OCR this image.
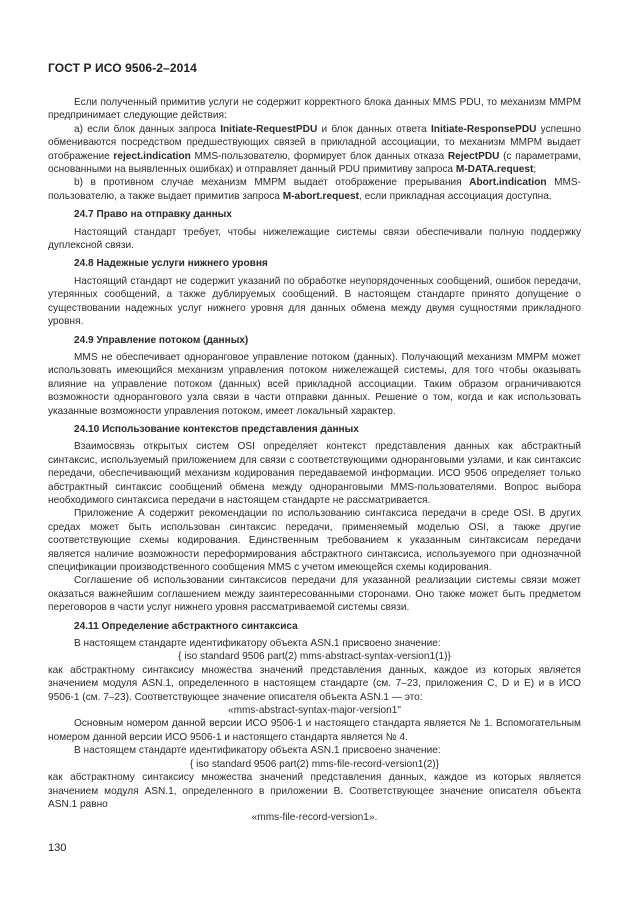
ГОСТ Р ИСО 9506-2–2014

Если полученный примитив услуги не содержит корректного блока данных MMS PDU, то механизм ММРМ предпринимает следующие действия:

а) если блок данных запроса Initiate-RequestPDU и блок данных ответа Initiate-ResponsePDU успешно обмениваются посредством предшествующих связей в прикладной ассоциации, то механизм ММРМ выдает отображение reject.indication MMS-пользователю, формирует блок данных отказа RejectPDU (с параметрами, основанными на выявленных ошибках) и отправляет данный PDU примитиву запроса M-DATA.request;

b) в противном случае механизм ММРМ выдает отображение прерывания Abort.indication MMS-пользователю, а также выдает примитив запроса M-abort.request, если прикладная ассоциация доступна.

24.7 Право на отправку данных

Настоящий стандарт требует, чтобы нижележащие системы связи обеспечивали полную поддержку дуплексной связи.

24.8 Надежные услуги нижнего уровня

Настоящий стандарт не содержит указаний по обработке неупорядоченных сообщений, ошибок передачи, утерянных сообщений, а также дублируемых сообщений. В настоящем стандарте принято допущение о существовании надежных услуг нижнего уровня для данных обмена между двумя сущностями прикладного уровня.

24.9 Управление потоком (данных)

MMS не обеспечивает одноранговое управление потоком (данных). Получающий механизм ММРМ может использовать имеющийся механизм управления потоком нижележащей системы, для того чтобы оказывать влияние на управление потоком (данных) всей прикладной ассоциации. Таким образом ограничиваются возможности однорангового узла связи в части отправки данных. Решение о том, когда и как использовать указанные возможности управления потоком, имеет локальный характер.

24.10 Использование контекстов представления данных

Взаимосвязь открытых систем OSI определяет контекст представления данных как абстрактный синтаксис, используемый приложением для связи с соответствующими одноранговыми узлами, и как синтаксис передачи, обеспечивающий механизм кодирования передаваемой информации. ИСО 9506 определяет только абстрактный синтаксис сообщений обмена между одноранговыми MMS-пользователями. Вопрос выбора необходимого синтаксиса передачи в настоящем стандарте не рассматривается.

Приложение А содержит рекомендации по использованию синтаксиса передачи в среде OSI. В других средах может быть использован синтаксис передачи, применяемый моделью OSI, а также другие соответствующие схемы кодирования. Единственным требованием к указанным синтаксисам передачи является наличие возможности переформирования абстрактного синтаксиса, используемого при однозначной спецификации производственного сообщения MMS с учетом имеющейся схемы кодирования.

Соглашение об использовании синтаксисов передачи для указанной реализации системы связи может оказаться важнейшим соглашением между заинтересованными сторонами. Оно также может быть предметом переговоров в части услуг нижнего уровня рассматриваемой системы связи.

24.11 Определение абстрактного синтаксиса

В настоящем стандарте идентификатору объекта ASN.1 присвоено значение:

{ iso standard 9506 part(2) mms-abstract-syntax-version1(1)}

как абстрактному синтаксису множества значений представления данных, каждое из которых является значением модуля ASN.1, определенного в настоящем стандарте (см. 7–23, приложения C, D и E) и в ИСО 9506-1 (см. 7–23). Соответствующее значение описателя объекта ASN.1 — это:

«mms-abstract-syntax-major-version1"

Основным номером данной версии ИСО 9506-1 и настоящего стандарта является № 1. Вспомогательным номером данной версии ИСО 9506-1 и настоящего стандарта является № 4.

В настоящем стандарте идентификатору объекта ASN.1 присвоено значение:

{ iso standard 9506 part(2) mms-file-record-version1(2)}

как абстрактному синтаксису множества значений представления данных, каждое из которых является значением модуля ASN.1, определенного в приложении B. Соответствующее значение описателя объекта ASN.1 равно

«mms-file-record-version1».

130
